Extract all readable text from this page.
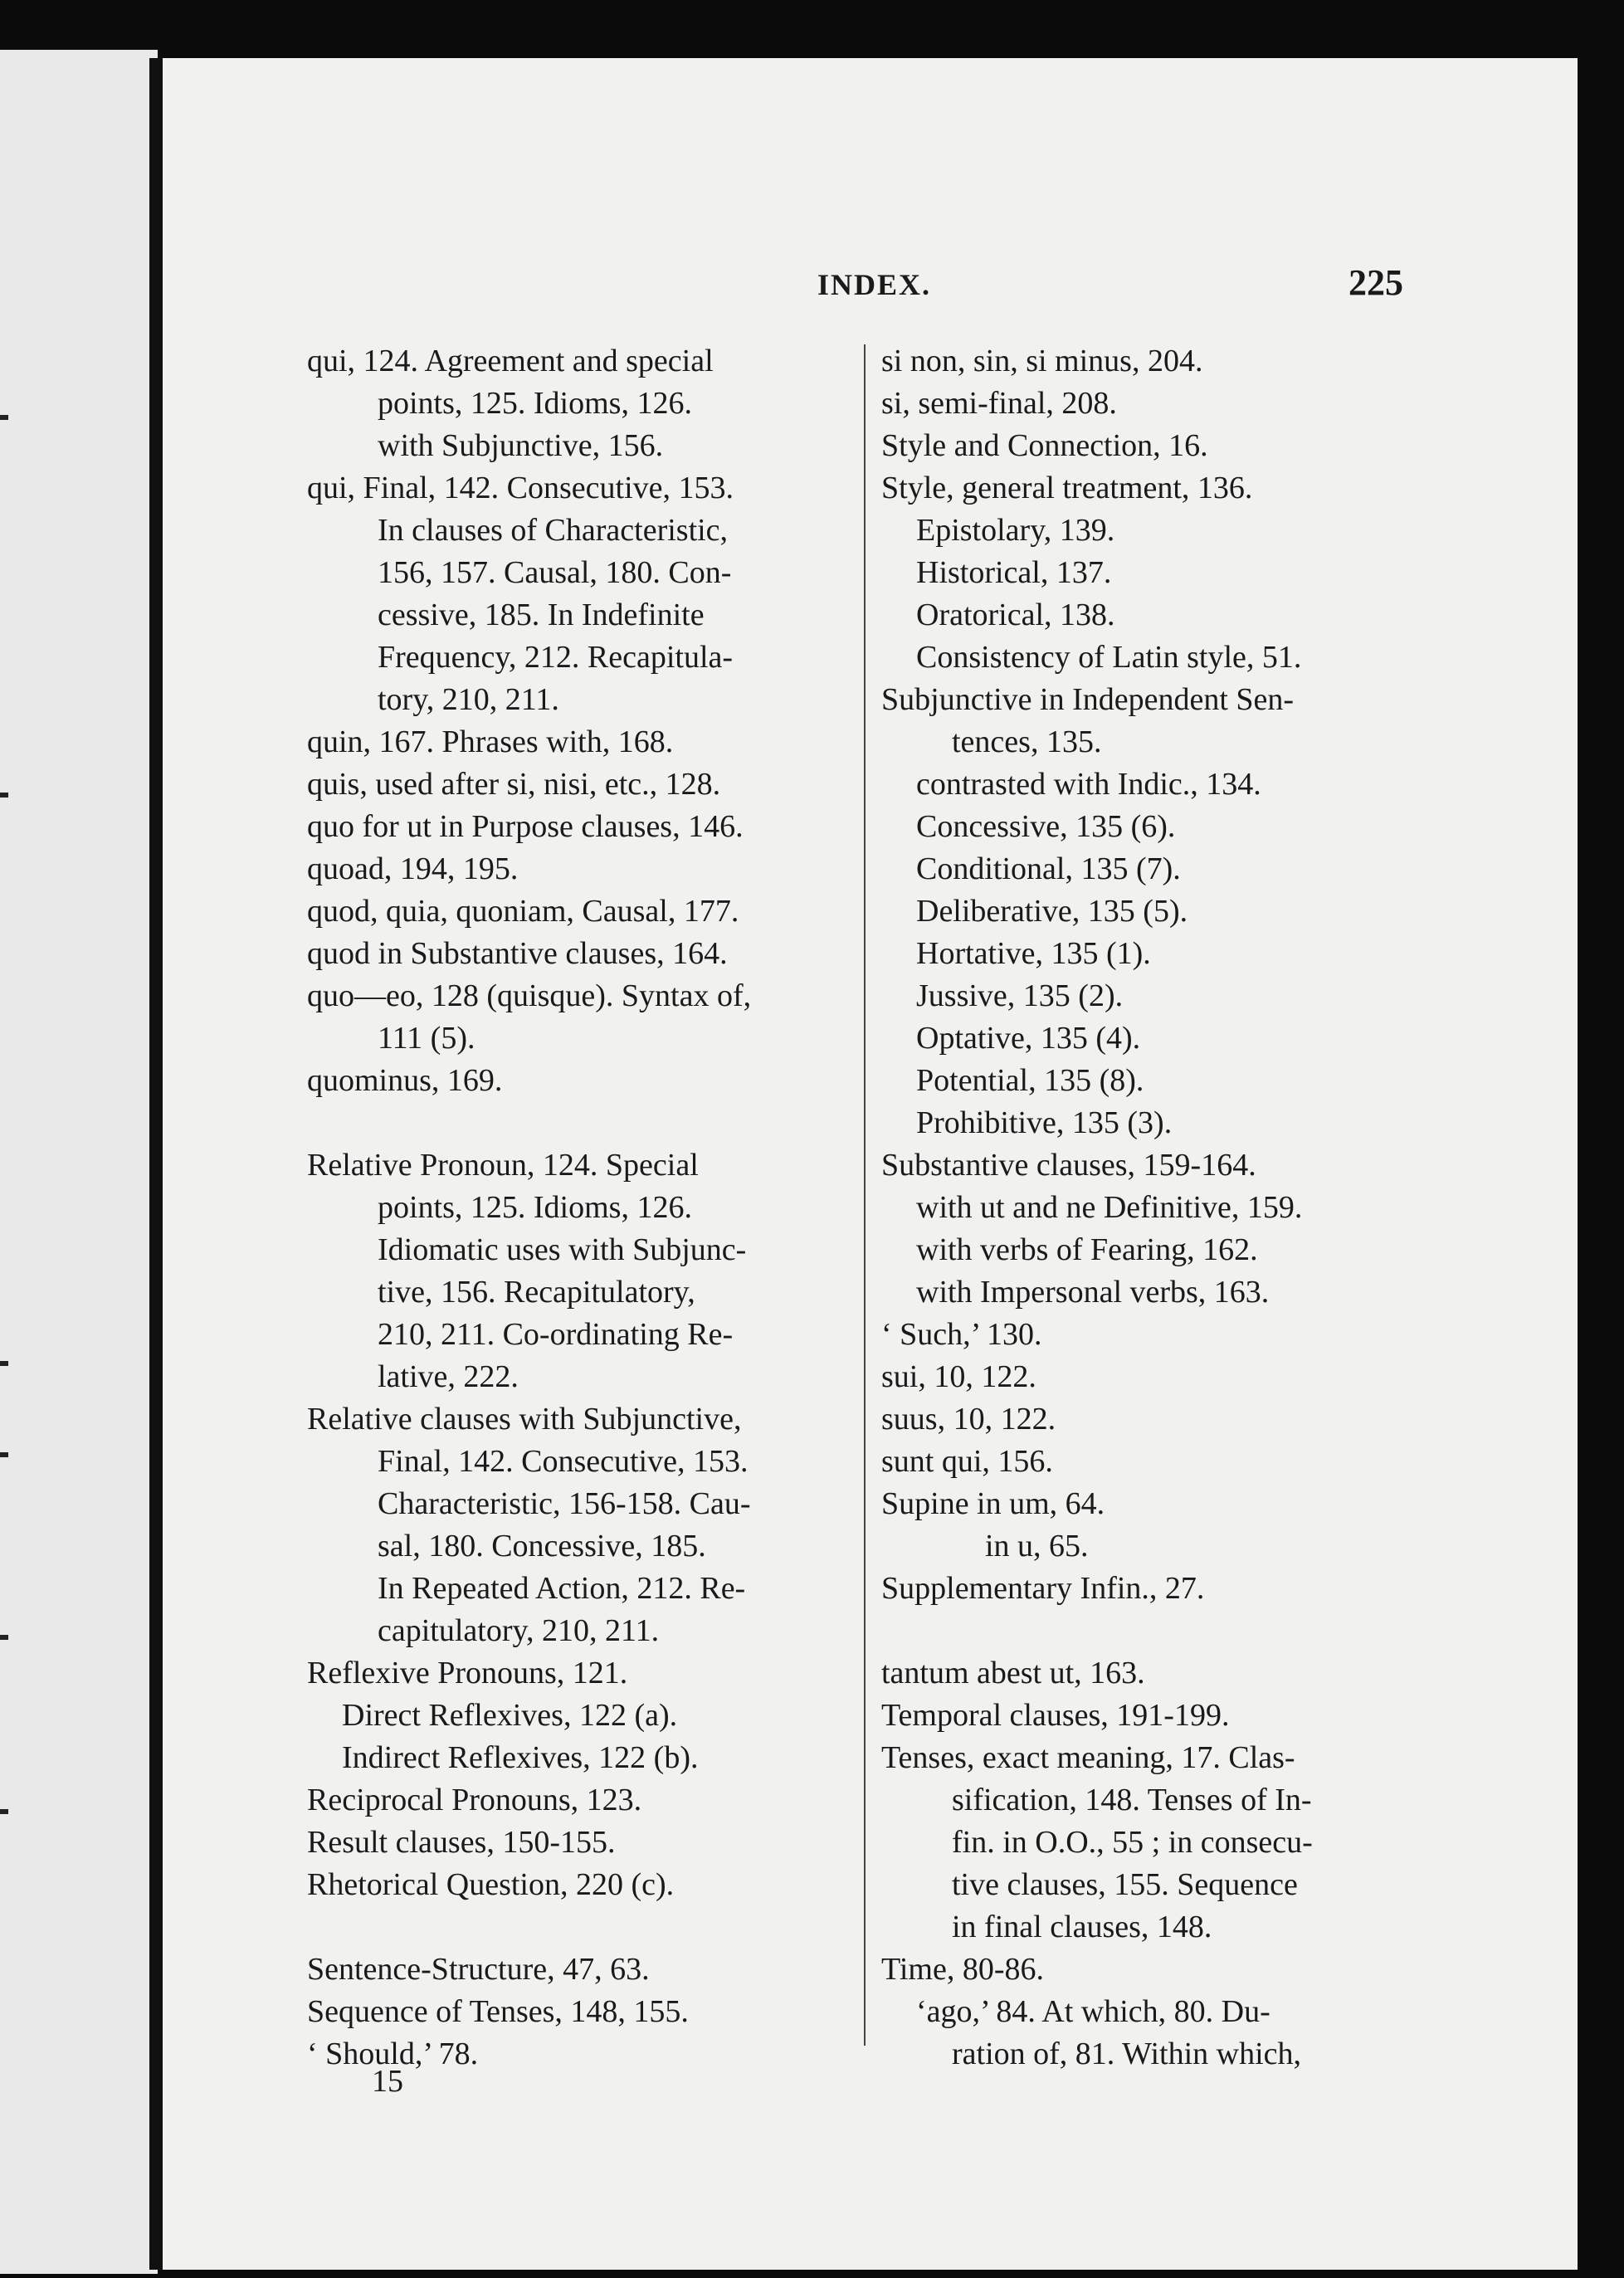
INDEX.	225
qui, 124. Agreement and special
points, 125. Idioms, 126.
with Subjunctive, 156.
qui, Final, 142. Consecutive, 153.
In clauses of Characteristic,
156, 157. Causal, 180. Con-
cessive, 185. In Indefinite
Frequency, 212. Recapitula-
tory, 210, 211.
quin, 167. Phrases with, 168.
quis, used after si, nisi, etc., 128.
quo for ut in Purpose clauses, 146.
quoad, 194, 195.
quod, quia, quoniam, Causal, 177.
quod in Substantive clauses, 164.
quo—eo, 128 (quisque). Syntax of,
111 (5).
quominus, 169.
Relative Pronoun, 124. Special
points, 125. Idioms, 126.
Idiomatic uses with Subjunc-
tive, 156. Recapitulatory,
210, 211. Co-ordinating Re-
lative, 222.
Relative clauses with Subjunctive,
Final, 142. Consecutive, 153.
Characteristic, 156-158. Cau-
sal, 180. Concessive, 185.
In Repeated Action, 212. Re-
capitulatory, 210, 211.
Reflexive Pronouns, 121.
Direct Reflexives, 122 (a).
Indirect Reflexives, 122 (b).
Reciprocal Pronouns, 123.
Result clauses, 150-155.
Rhetorical Question, 220 (c).
Sentence-Structure, 47, 63.
Sequence of Tenses, 148, 155.
‘ Should,’ 78.
si non, sin, si minus, 204.
si, semi-final, 208.
Style and Connection, 16.
Style, general treatment, 136.
Epistolary, 139.
Historical, 137.
Oratorical, 138.
Consistency of Latin style, 51.
Subjunctive in Independent Sen-
tences, 135.
contrasted with Indic., 134.
Concessive, 135 (6).
Conditional, 135 (7).
Deliberative, 135 (5).
Hortative, 135 (1).
Jussive, 135 (2).
Optative, 135 (4).
Potential, 135 (8).
Prohibitive, 135 (3).
Substantive clauses, 159-164.
with ut and ne Definitive, 159.
with verbs of Fearing, 162.
with Impersonal verbs, 163.
‘ Such,’ 130.
sui, 10, 122.
suus, 10, 122.
sunt qui, 156.
Supine in um, 64.
in u, 65.
Supplementary Infin., 27.
tantum abest ut, 163.
Temporal clauses, 191-199.
Tenses, exact meaning, 17. Clas-
sification, 148. Tenses of In-
fin. in O.O., 55 ; in consecu-
tive clauses, 155. Sequence
in final clauses, 148.
Time, 80-86.
‘ago,’ 84. At which, 80. Du-
ration of, 81. Within which,
15
